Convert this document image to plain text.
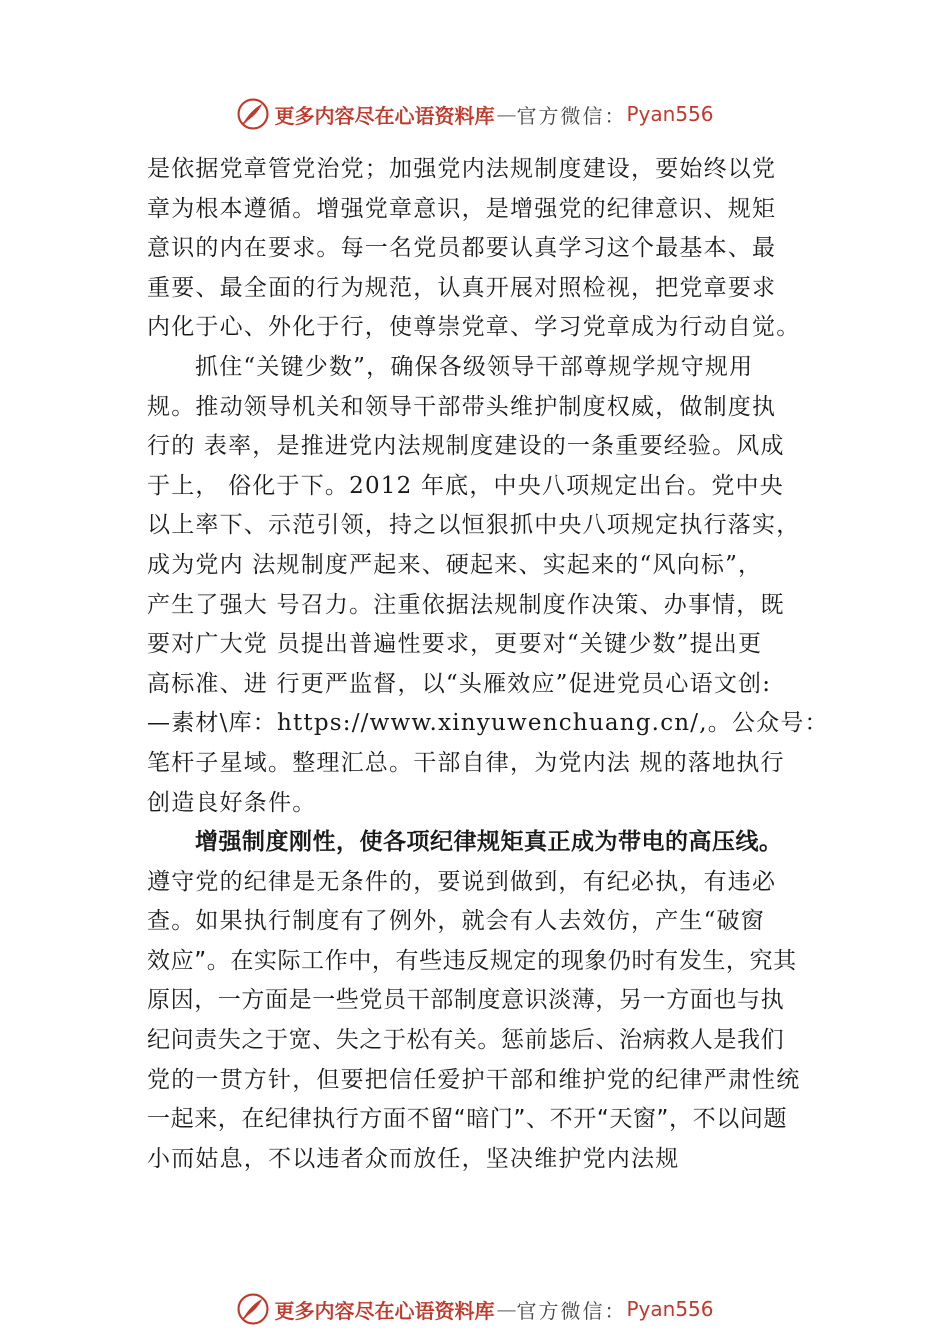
更多内容尽在心语资料库 — 官方微信： Pyan556
是依据党章管党治党；加强党内法规制度建设，要始终以党
章为根本遵循。增强党章意识，是增强党的纪律意识、规矩
意识的内在要求。每一名党员都要认真学习这个最基本、最
重要、最全面的行为规范，认真开展对照检视，把党章要求
内化于心、外化于行，使尊崇党章、学习党章成为行动自觉。
抓住“关键少数”，确保各级领导干部尊规学规守规用
规。推动领导机关和领导干部带头维护制度权威，做制度执
行的 表率，是推进党内法规制度建设的一条重要经验。风成
于上， 俗化于下。2012 年底，中央八项规定出台。党中央
以上率下、示范引领，持之以恒狠抓中央八项规定执行落实，
成为党内 法规制度严起来、硬起来、实起来的“风向标”，
产生了强大 号召力。注重依据法规制度作决策、办事情，既
要对广大党 员提出普遍性要求，更要对“关键少数”提出更
高标准、进 行更严监督，以“头雁效应”促进党员心语文创:
—素材\库：https://www.xinyuwenchuang.cn/,。公众号：
笔杆子星域。整理汇总。干部自律，为党内法 规的落地执行
创造良好条件。
增强制度刚性，使各项纪律规矩真正成为带电的高压线。
遵守党的纪律是无条件的，要说到做到，有纪必执，有违必
查。如果执行制度有了例外，就会有人去效仿，产生“破窗
效应”。在实际工作中，有些违反规定的现象仍时有发生，究其
原因，一方面是一些党员干部制度意识淡薄，另一方面也与执
纪问责失之于宽、失之于松有关。惩前毖后、治病救人是我们
党的一贯方针，但要把信任爱护干部和维护党的纪律严肃性统
一起来，在纪律执行方面不留“暗门”、不开“天窗”，不以问题
小而姑息，不以违者众而放任，坚决维护党内法规
更多内容尽在心语资料库 — 官方微信： Pyan556
